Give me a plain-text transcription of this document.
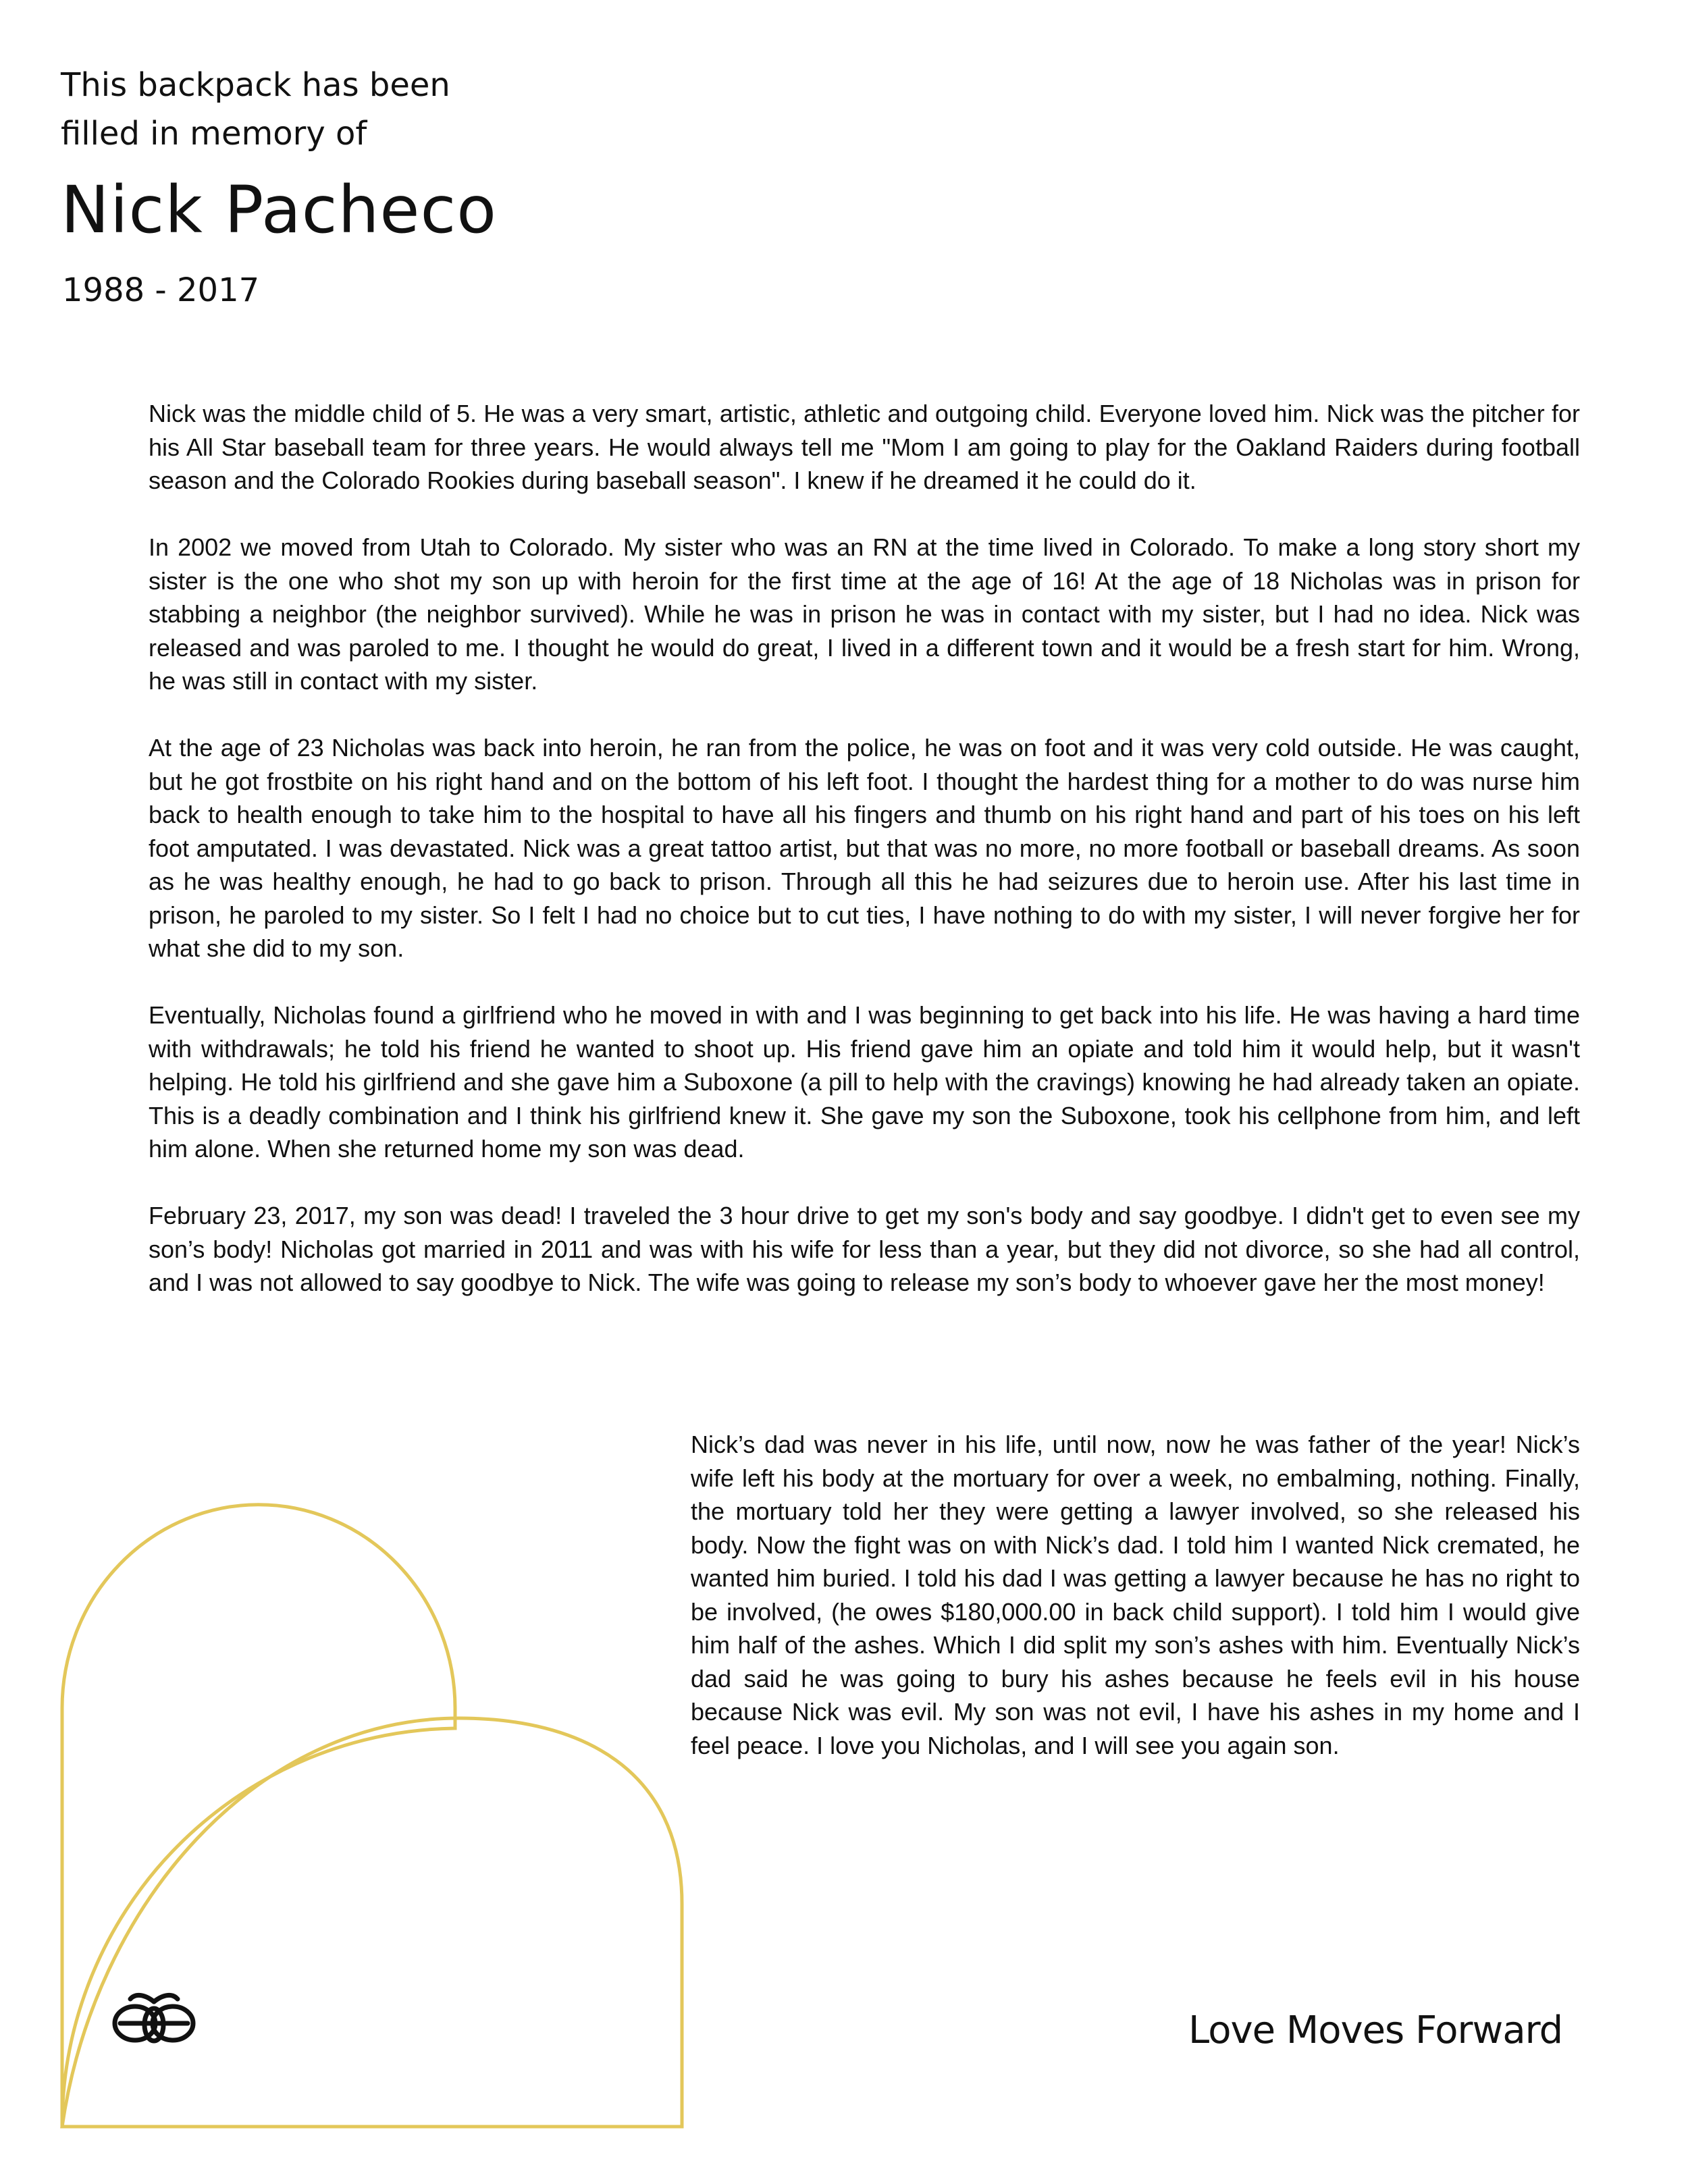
This backpack has been
filled in memory of
Nick Pacheco
1988 - 2017

Nick was the middle child of 5. He was a very smart, artistic, athletic and outgoing child. Everyone loved him. Nick was the pitcher for his All Star baseball team for three years. He would always tell me "Mom I am going to play for the Oakland Raiders during football season and the Colorado Rookies during baseball season". I knew if he dreamed it he could do it.

In 2002 we moved from Utah to Colorado. My sister who was an RN at the time lived in Colorado. To make a long story short my sister is the one who shot my son up with heroin for the first time at the age of 16! At the age of 18 Nicholas was in prison for stabbing a neighbor (the neighbor survived). While he was in prison he was in contact with my sister, but I had no idea. Nick was released and was paroled to me. I thought he would do great, I lived in a different town and it would be a fresh start for him. Wrong, he was still in contact with my sister.

At the age of 23 Nicholas was back into heroin, he ran from the police, he was on foot and it was very cold outside. He was caught, but he got frostbite on his right hand and on the bottom of his left foot. I thought the hardest thing for a mother to do was nurse him back to health enough to take him to the hospital to have all his fingers and thumb on his right hand and part of his toes on his left foot amputated. I was devastated. Nick was a great tattoo artist, but that was no more, no more football or baseball dreams. As soon as he was healthy enough, he had to go back to prison. Through all this he had seizures due to heroin use. After his last time in prison, he paroled to my sister. So I felt I had no choice but to cut ties, I have nothing to do with my sister, I will never forgive her for what she did to my son.

Eventually, Nicholas found a girlfriend who he moved in with and I was beginning to get back into his life. He was having a hard time with withdrawals; he told his friend he wanted to shoot up. His friend gave him an opiate and told him it would help, but it wasn't helping. He told his girlfriend and she gave him a Suboxone (a pill to help with the cravings) knowing he had already taken an opiate. This is a deadly combination and I think his girlfriend knew it. She gave my son the Suboxone, took his cellphone from him, and left him alone. When she returned home my son was dead.

February 23, 2017, my son was dead! I traveled the 3 hour drive to get my son's body and say goodbye. I didn't get to even see my son’s body! Nicholas got married in 2011 and was with his wife for less than a year, but they did not divorce, so she had all control, and I was not allowed to say goodbye to Nick. The wife was going to release my son’s body to whoever gave her the most money!

Nick’s dad was never in his life, until now, now he was father of the year! Nick’s wife left his body at the mortuary for over a week, no embalming, nothing. Finally, the mortuary told her they were getting a lawyer involved, so she released his body. Now the fight was on with Nick’s dad. I told him I wanted Nick cremated, he wanted him buried. I told his dad I was getting a lawyer because he has no right to be involved, (he owes $180,000.00 in back child support). I told him I would give him half of the ashes. Which I did split my son’s ashes with him. Eventually Nick’s dad said he was going to bury his ashes because he feels evil in his house because Nick was evil. My son was not evil, I have his ashes in my home and I feel peace. I love you Nicholas, and I will see you again son.

Love Moves Forward
